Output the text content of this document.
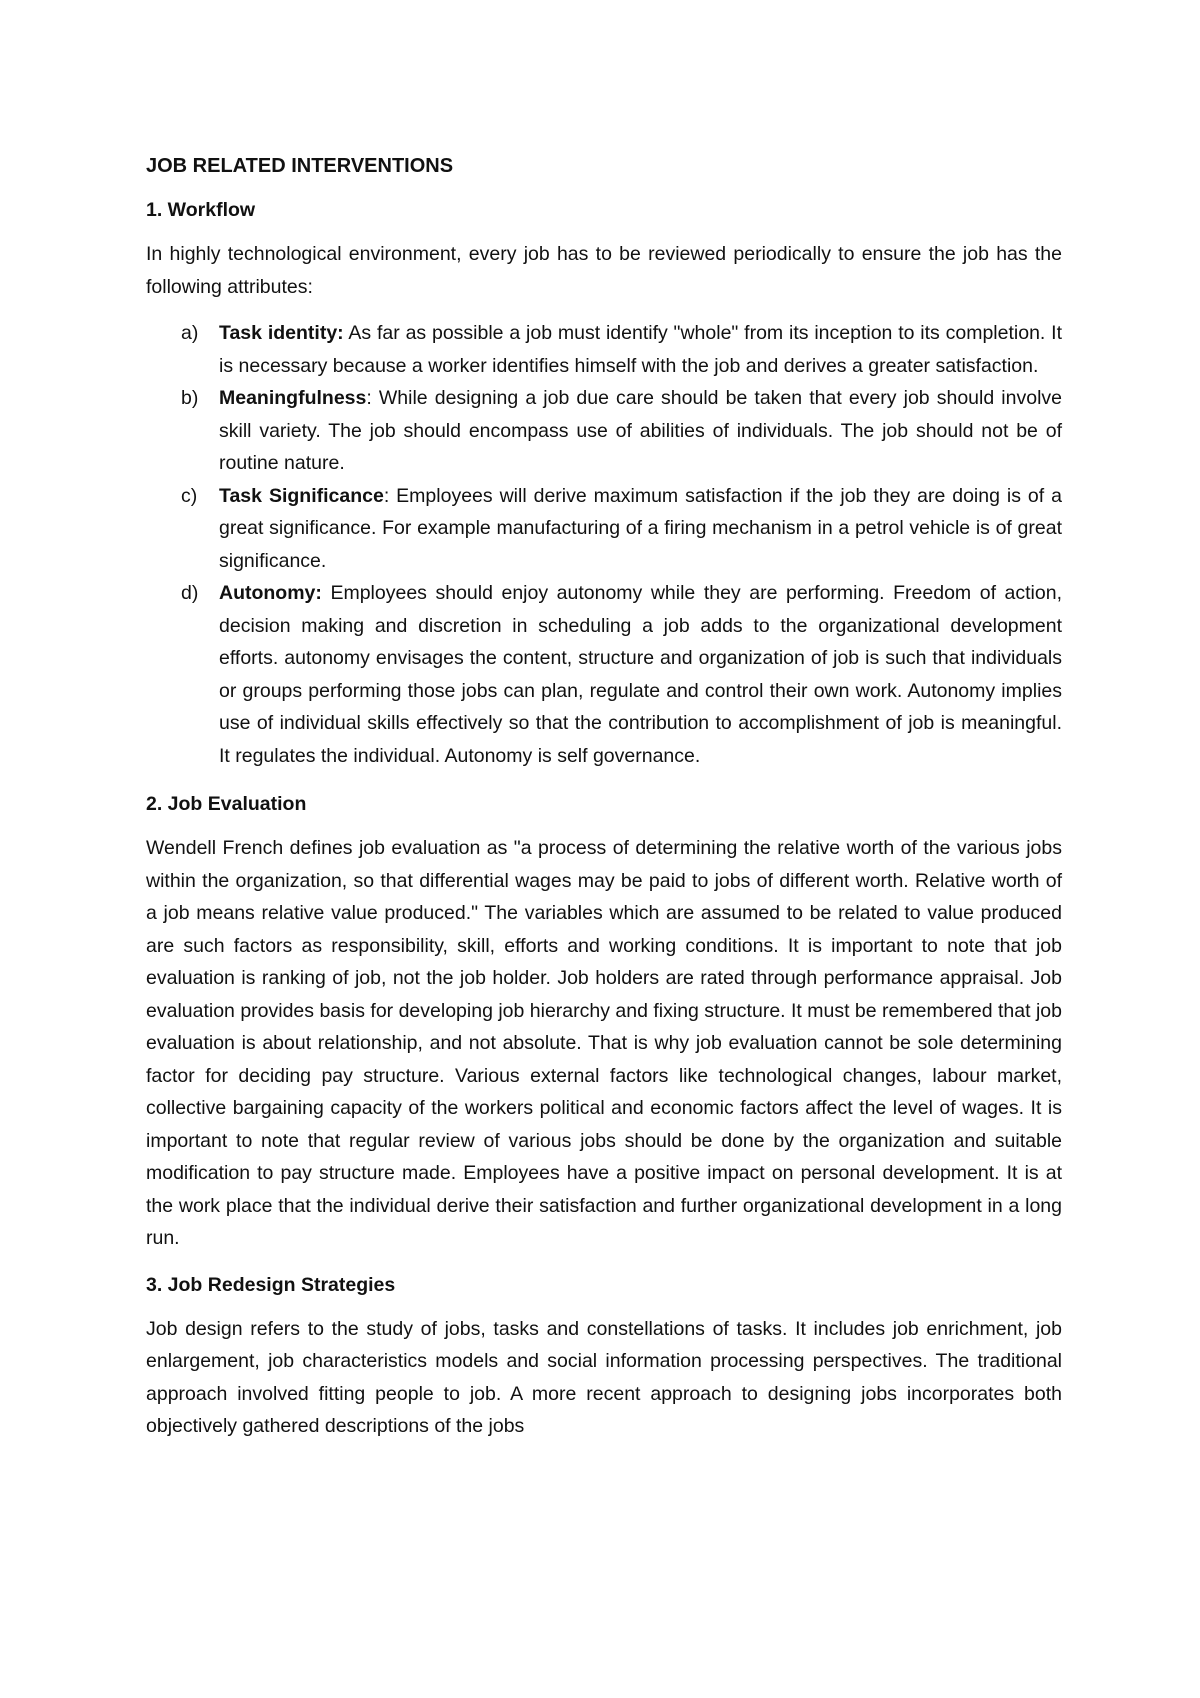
JOB RELATED INTERVENTIONS
1. Workflow

In highly technological environment, every job has to be reviewed periodically to ensure the job has the following attributes:

a) Task identity: As far as possible a job must identify "whole" from its inception to its completion. It is necessary because a worker identifies himself with the job and derives a greater satisfaction.
b) Meaningfulness: While designing a job due care should be taken that every job should involve skill variety. The job should encompass use of abilities of individuals. The job should not be of routine nature.
c) Task Significance: Employees will derive maximum satisfaction if the job they are doing is of a great significance. For example manufacturing of a firing mechanism in a petrol vehicle is of great significance.
d) Autonomy: Employees should enjoy autonomy while they are performing. Freedom of action, decision making and discretion in scheduling a job adds to the organizational development efforts. autonomy envisages the content, structure and organization of job is such that individuals or groups performing those jobs can plan, regulate and control their own work. Autonomy implies use of individual skills effectively so that the contribution to accomplishment of job is meaningful. It regulates the individual. Autonomy is self governance.
2. Job Evaluation

Wendell French defines job evaluation as "a process of determining the relative worth of the various jobs within the organization, so that differential wages may be paid to jobs of different worth. Relative worth of a job means relative value produced." The variables which are assumed to be related to value produced are such factors as responsibility, skill, efforts and working conditions. It is important to note that job evaluation is ranking of job, not the job holder. Job holders are rated through performance appraisal. Job evaluation provides basis for developing job hierarchy and fixing structure. It must be remembered that job evaluation is about relationship, and not absolute. That is why job evaluation cannot be sole determining factor for deciding pay structure. Various external factors like technological changes, labour market, collective bargaining capacity of the workers political and economic factors affect the level of wages. It is important to note that regular review of various jobs should be done by the organization and suitable modification to pay structure made. Employees have a positive impact on personal development. It is at the work place that the individual derive their satisfaction and further organizational development in a long run.

3. Job Redesign Strategies

Job design refers to the study of jobs, tasks and constellations of tasks. It includes job enrichment, job enlargement, job characteristics models and social information processing perspectives. The traditional approach involved fitting people to job. A more recent approach to designing jobs incorporates both objectively gathered descriptions of the jobs
